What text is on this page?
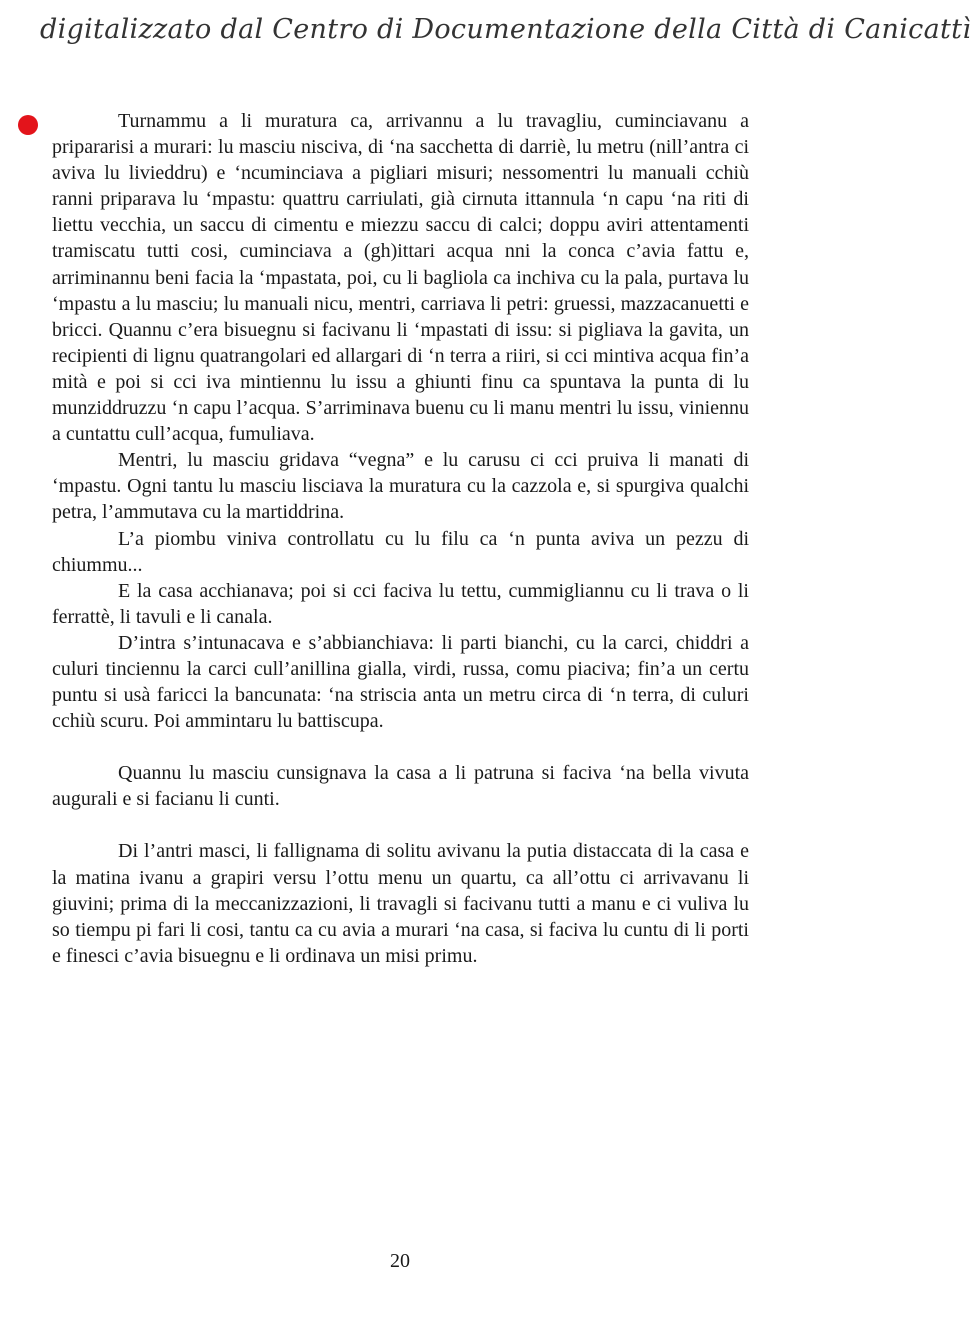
digitalizzato dal Centro di Documentazione della Città di Canicattì

Turnammu a li muratura ca, arrivannu a lu travagliu, cuminciavanu a pripararisi a murari: lu masciu nisciva, di ‘na sacchetta di darriè, lu metru (nill’antra ci aviva lu livieddru) e ‘ncuminciava a pigliari misuri; nessomentri lu manuali cchiù ranni priparava lu ‘mpastu: quattru carriulati, già cirnuta ittannula ‘n capu ‘na riti di liettu vecchia, un saccu di cimentu e miezzu saccu di calci; doppu aviri attentamenti tramiscatu tutti cosi, cuminciava a (gh)ittari acqua nni la conca c’avia fattu e, arriminannu beni facia la ‘mpastata, poi, cu li bagliola ca inchiva cu la pala, purtava lu ‘mpastu a lu masciu; lu manuali nicu, mentri, carriava li petri: gruessi, mazzacanuetti e bricci. Quannu c’era bisuegnu si facivanu li ‘mpastati di issu: si pigliava la gavita, un recipienti di lignu quatrangolari ed allargari di ‘n terra a riiri, si cci mintiva acqua fin’a mità e poi si cci iva mintiennu lu issu a ghiunti finu ca spuntava la punta di lu munziddruzzu ‘n capu l’acqua. S’arriminava buenu cu li manu mentri lu issu, viniennu a cuntattu cull’acqua, fumuliava.

Mentri, lu masciu gridava “vegna” e lu carusu ci cci pruiva li manati di ‘mpastu. Ogni tantu lu masciu lisciava la muratura cu la cazzola e, si spurgiva qualchi petra, l’ammutava cu la martiddrina.

L’a piombu viniva controllatu cu lu filu ca ‘n punta aviva un pezzu di chiummu...

E la casa acchianava; poi si cci faciva lu tettu, cummigliannu cu li trava o li ferrattè, li tavuli e li canala.

D’intra s’intunacava e s’abbianchiava: li parti bianchi, cu la carci, chiddri a culuri tinciennu la carci cull’anillina gialla, virdi, russa, comu piaciva; fin’a un certu puntu si usà faricci la bancunata: ‘na striscia anta un metru circa di ‘n terra, di culuri cchiù scuru. Poi ammintaru lu battiscupa.

Quannu lu masciu cunsignava la casa a li patruna si faciva ‘na bella vivuta augurali e si facianu li cunti.

Di l’antri masci, li fallignama di solitu avivanu la putia distaccata di la casa e la matina ivanu a grapiri versu l’ottu menu un quartu, ca all’ottu ci arrivavanu li giuvini; prima di la meccanizzazioni, li travagli si facivanu tutti a manu e ci vuliva lu so tiempu pi fari li cosi, tantu ca cu avia a murari ‘na casa, si faciva lu cuntu di li porti e finesci c’avia bisuegnu e li ordinava un misi primu.

20
